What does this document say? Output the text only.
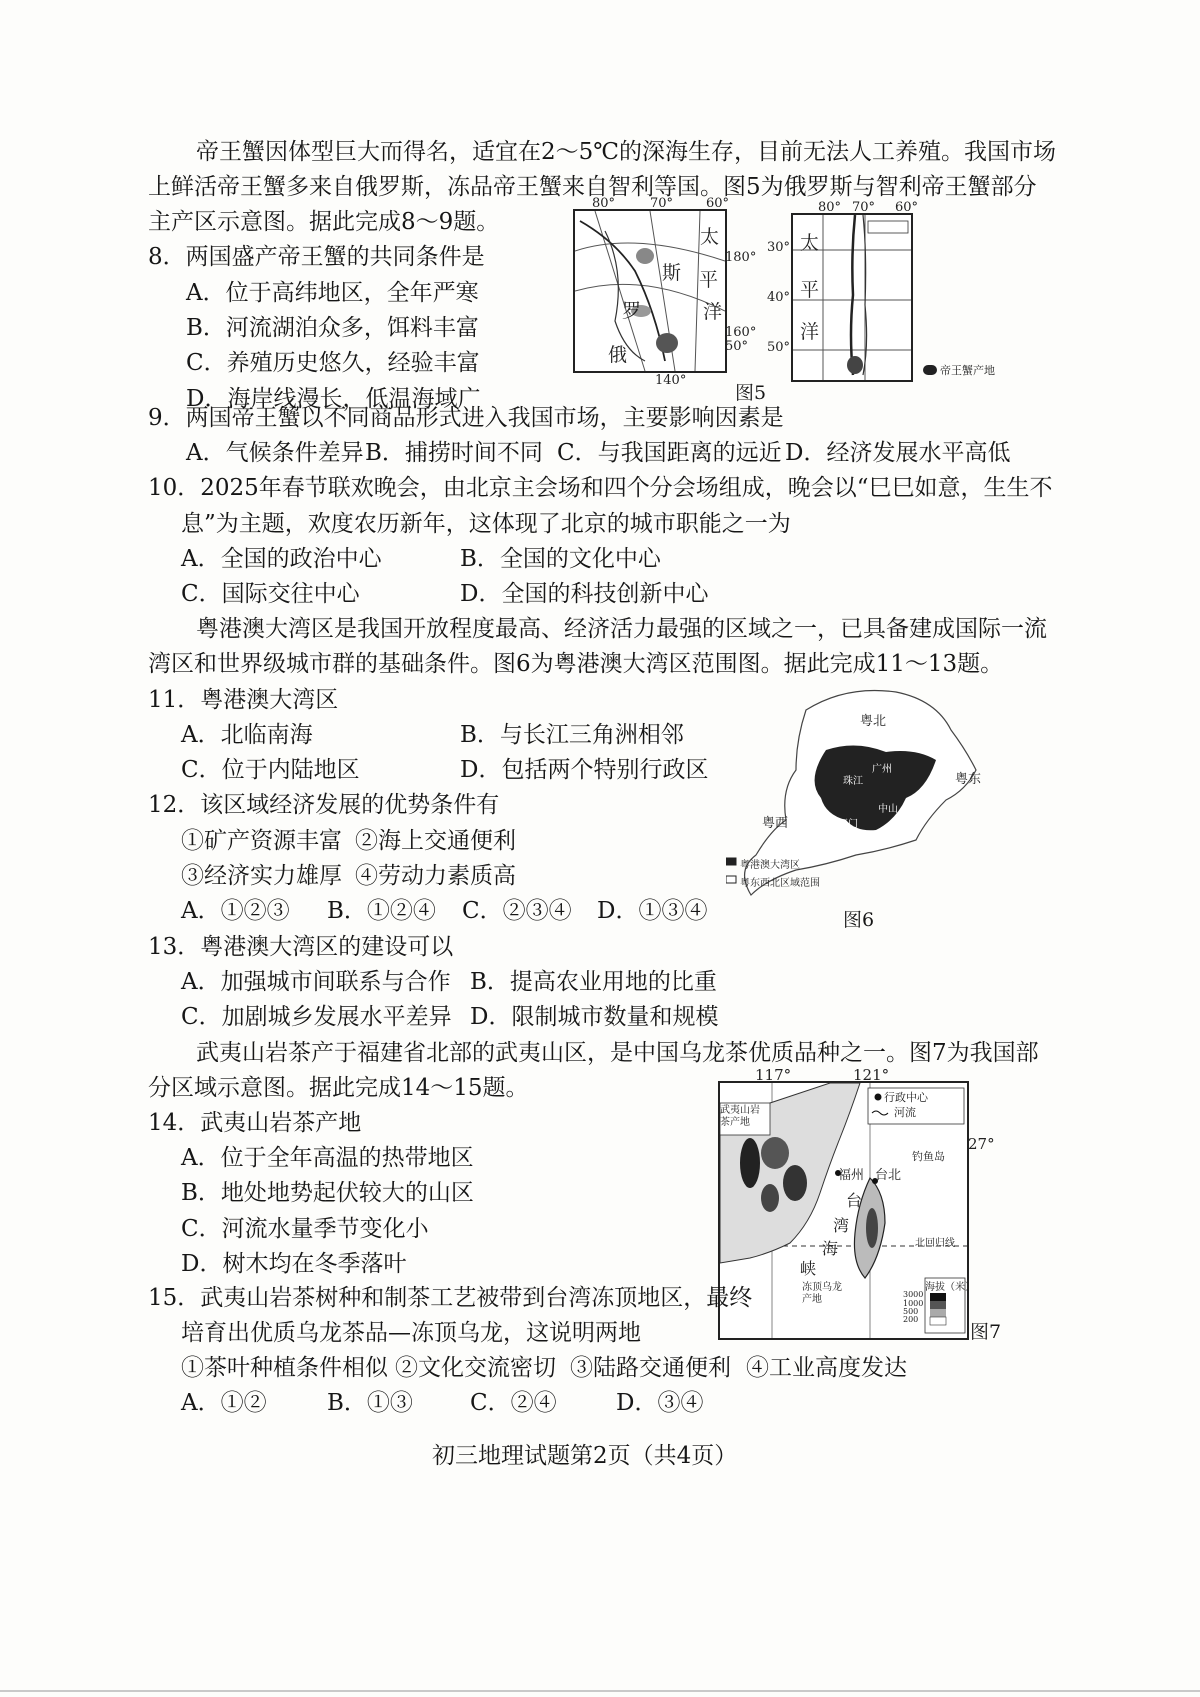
帝王蟹因体型巨大而得名，适宜在2～5℃的深海生存，目前无法人工养殖。我国市场
上鲜活帝王蟹多来自俄罗斯，冻品帝王蟹来自智利等国。图5为俄罗斯与智利帝王蟹部分
主产区示意图。据此完成8～9题。
8．两国盛产帝王蟹的共同条件是
A．位于高纬地区，全年严寒
B．河流湖泊众多，饵料丰富
C．养殖历史悠久，经验丰富
D．海岸线漫长，低温海域广
80°	70°	60°
180°
160°
50°
140°
俄
罗
斯
太
平
洋
图5
80° 70° 60°
30°
40°
50°
太
平
洋
帝王蟹产地
9．两国帝王蟹以不同商品形式进入我国市场，主要影响因素是
A．气候条件差异 B．捕捞时间不同 C．与我国距离的远近 D．经济发展水平高低
10．2025年春节联欢晚会，由北京主会场和四个分会场组成，晚会以“巳巳如意，生生不
息”为主题，欢度农历新年，这体现了北京的城市职能之一为
A．全国的政治中心	B．全国的文化中心
C．国际交往中心	D．全国的科技创新中心
粤港澳大湾区是我国开放程度最高、经济活力最强的区域之一，已具备建成国际一流
湾区和世界级城市群的基础条件。图6为粤港澳大湾区范围图。据此完成11～13题。
11．粤港澳大湾区
A．北临南海	B．与长江三角洲相邻
C．位于内陆地区	D．包括两个特别行政区
12．该区域经济发展的优势条件有
①矿产资源丰富 ②海上交通便利
③经济实力雄厚 ④劳动力素质高
A．①②③ B．①②④ C．②③④ D．①③④
粤北
粤东
粤西
珠江
中山
江门
广州
粤港澳大湾区
粤东西北区域范围
图6
13．粤港澳大湾区的建设可以
A．加强城市间联系与合作 B．提高农业用地的比重
C．加剧城乡发展水平差异 D．限制城市数量和规模
武夷山岩茶产于福建省北部的武夷山区，是中国乌龙茶优质品种之一。图7为我国部
分区域示意图。据此完成14～15题。
14．武夷山岩茶产地
A．位于全年高温的热带地区
B．地处地势起伏较大的山区
C．河流水量季节变化小
D．树木均在冬季落叶
117°	121°
27°
行政中心
河流
武夷山岩茶产地
福州
台
湾
海
峡
台北
钓鱼岛
冻顶乌龙产地
北回归线
海拔（米）
3000
1000
500
200
图7
15．武夷山岩茶树种和制茶工艺被带到台湾冻顶地区，最终
培育出优质乌龙茶品—冻顶乌龙，这说明两地
①茶叶种植条件相似 ②文化交流密切 ③陆路交通便利 ④工业高度发达
A．①②	B．①③ C．②④	D．③④
初三地理试题第2页（共4页）
